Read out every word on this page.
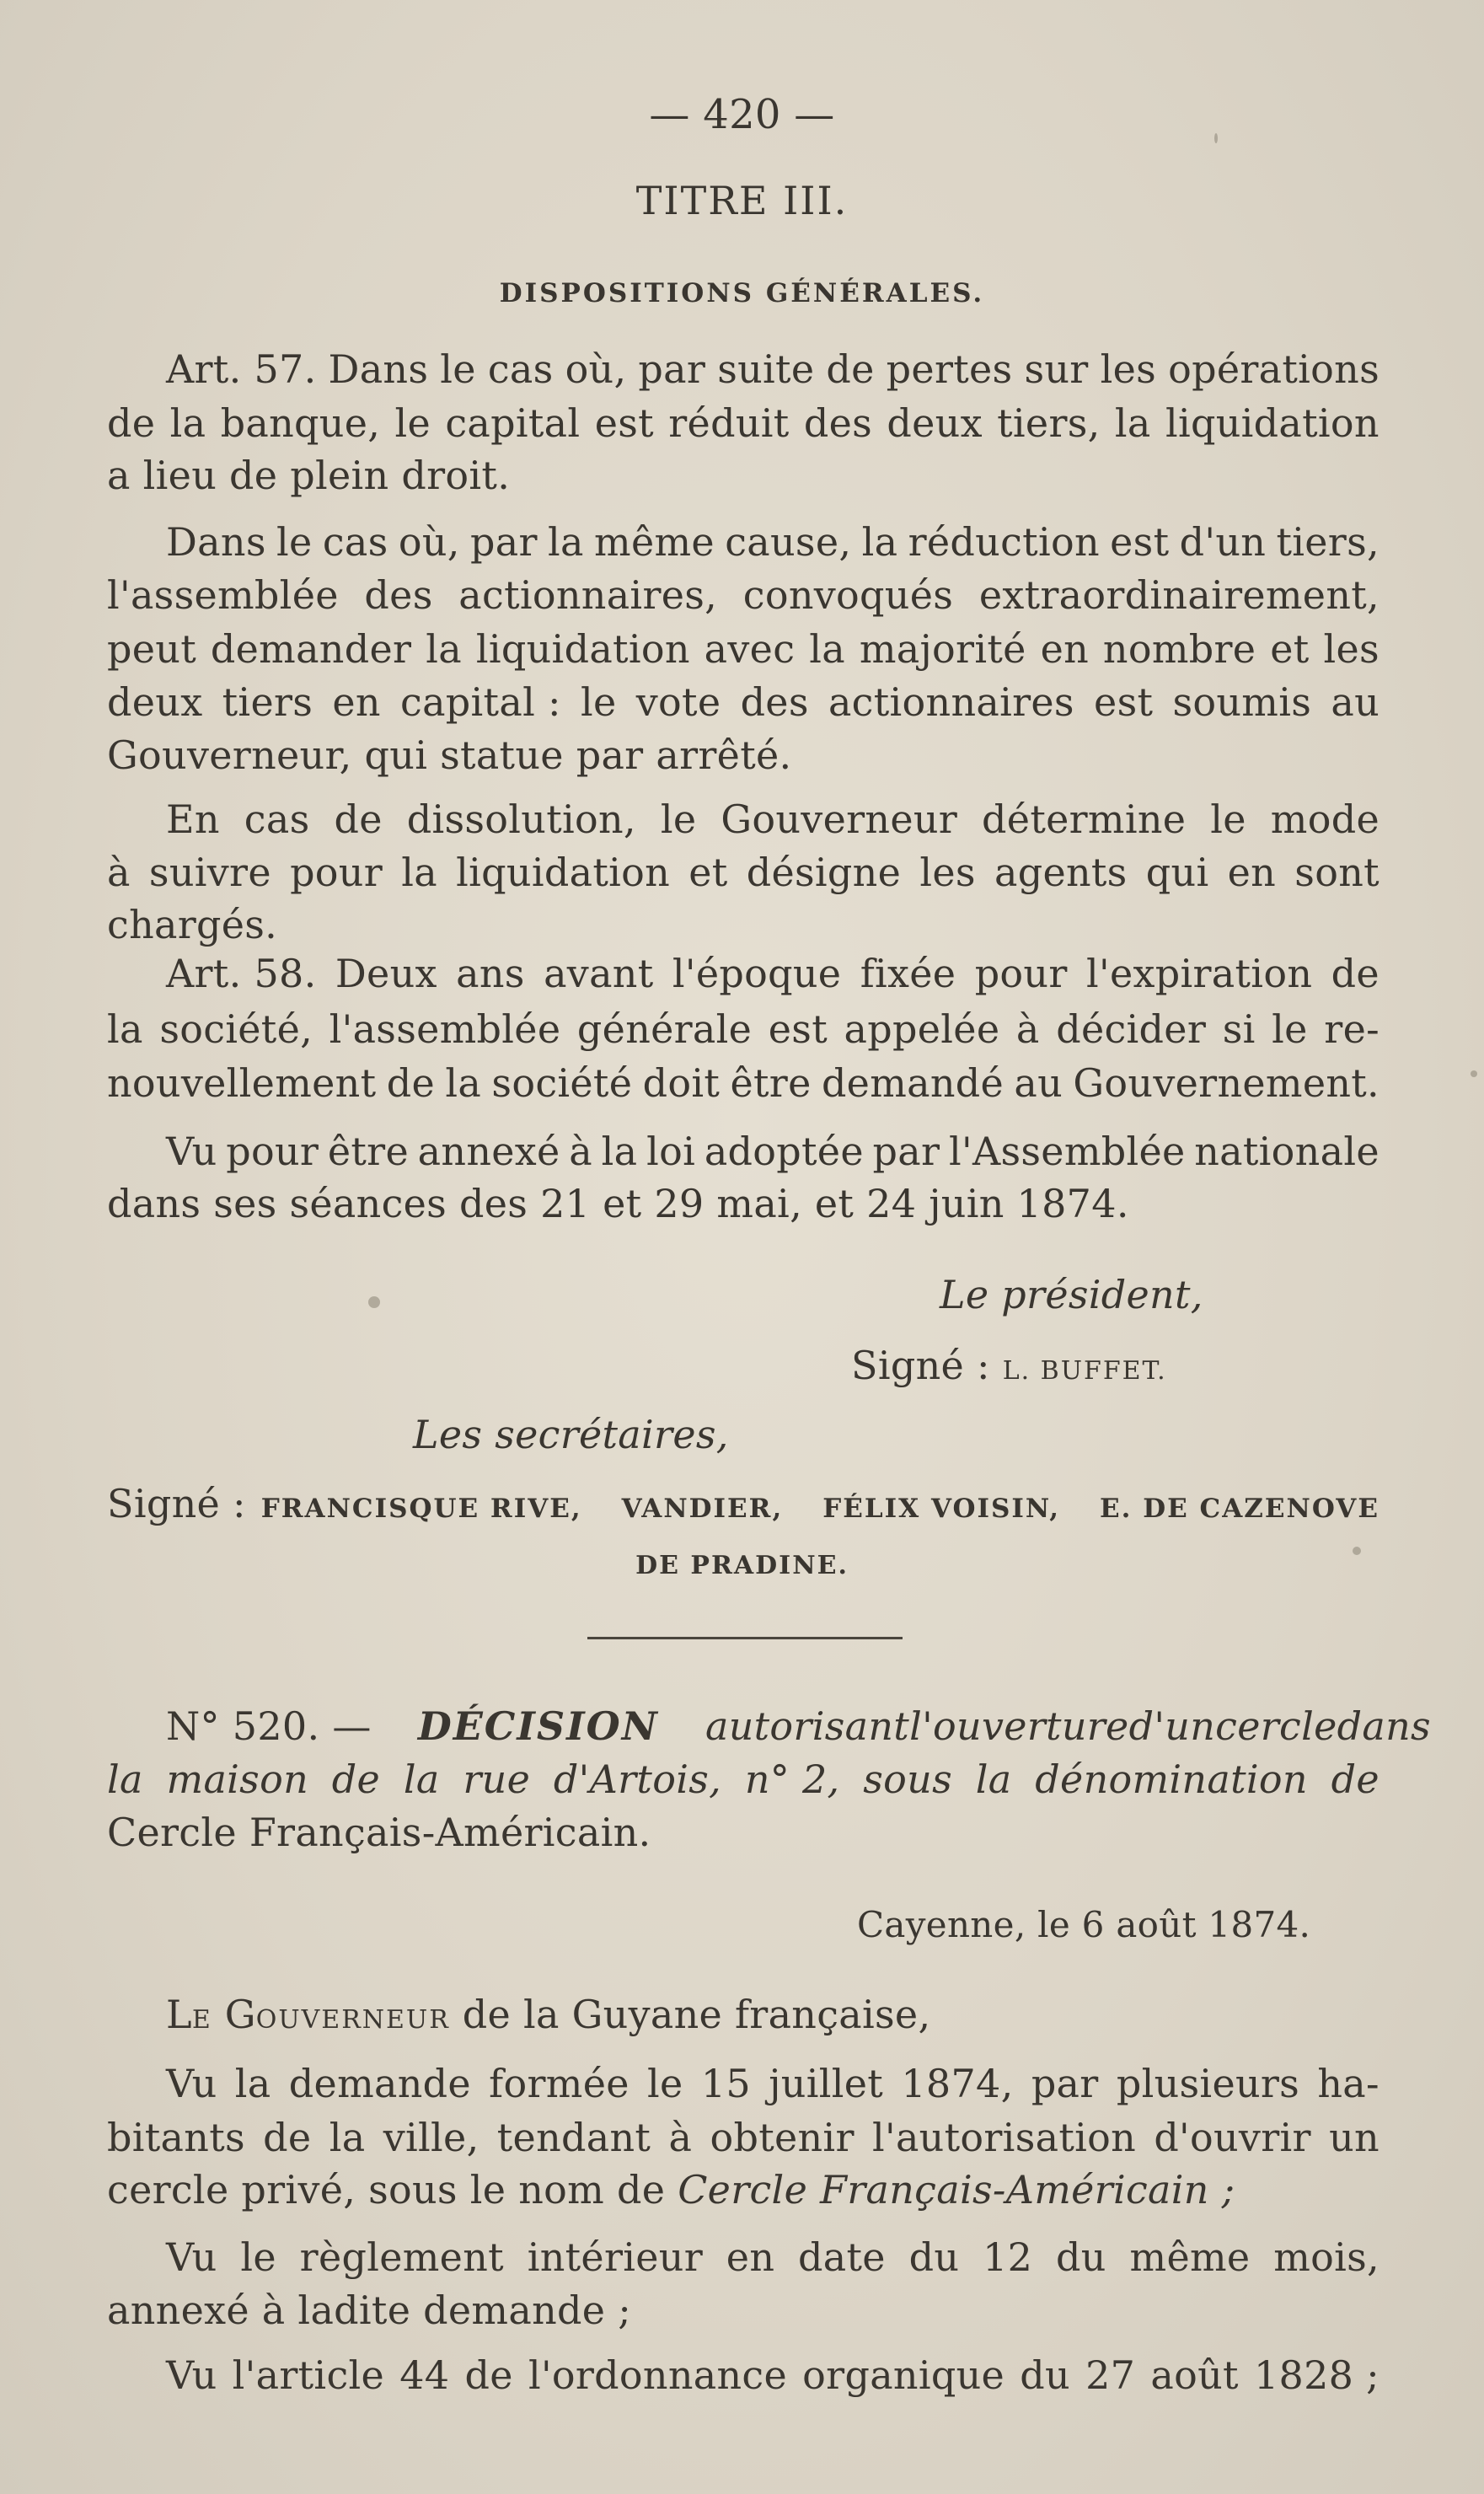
— 420 —
TITRE III.
DISPOSITIONS GÉNÉRALES.
Art. 57. Dans le cas où, par suite de pertes sur les opérations
de la banque, le capital est réduit des deux tiers, la liquidation
a lieu de plein droit.
Dans le cas où, par la même cause, la réduction est d'un tiers,
l'assemblée des actionnaires, convoqués extraordinairement,
peut demander la liquidation avec la majorité en nombre et les
deux tiers en capital : le vote des actionnaires est soumis au
Gouverneur, qui statue par arrêté.
En cas de dissolution, le Gouverneur détermine le mode
à suivre pour la liquidation et désigne les agents qui en sont
chargés.
Art. 58. Deux ans avant l'époque fixée pour l'expiration de
la société, l'assemblée générale est appelée à décider si le re-
nouvellement de la société doit être demandé au Gouvernement.
Vu pour être annexé à la loi adoptée par l'Assemblée nationale
dans ses séances des 21 et 29 mai, et 24 juin 1874.
Le président,
Signé : L. BUFFET.
Les secrétaires,
Signé : FRANCISQUE RIVE, VANDIER, FÉLIX VOISIN, E. DE CAZENOVE
DE PRADINE.
N° 520. — DÉCISION autorisant l'ouverture d'un cercle dans
la maison de la rue d'Artois, n° 2, sous la dénomination de
Cercle Français-Américain.
Cayenne, le 6 août 1874.
LE GOUVERNEUR de la Guyane française,
Vu la demande formée le 15 juillet 1874, par plusieurs ha-
bitants de la ville, tendant à obtenir l'autorisation d'ouvrir un
cercle privé, sous le nom de Cercle Français-Américain ;
Vu le règlement intérieur en date du 12 du même mois,
annexé à ladite demande ;
Vu l'article 44 de l'ordonnance organique du 27 août 1828 ;
